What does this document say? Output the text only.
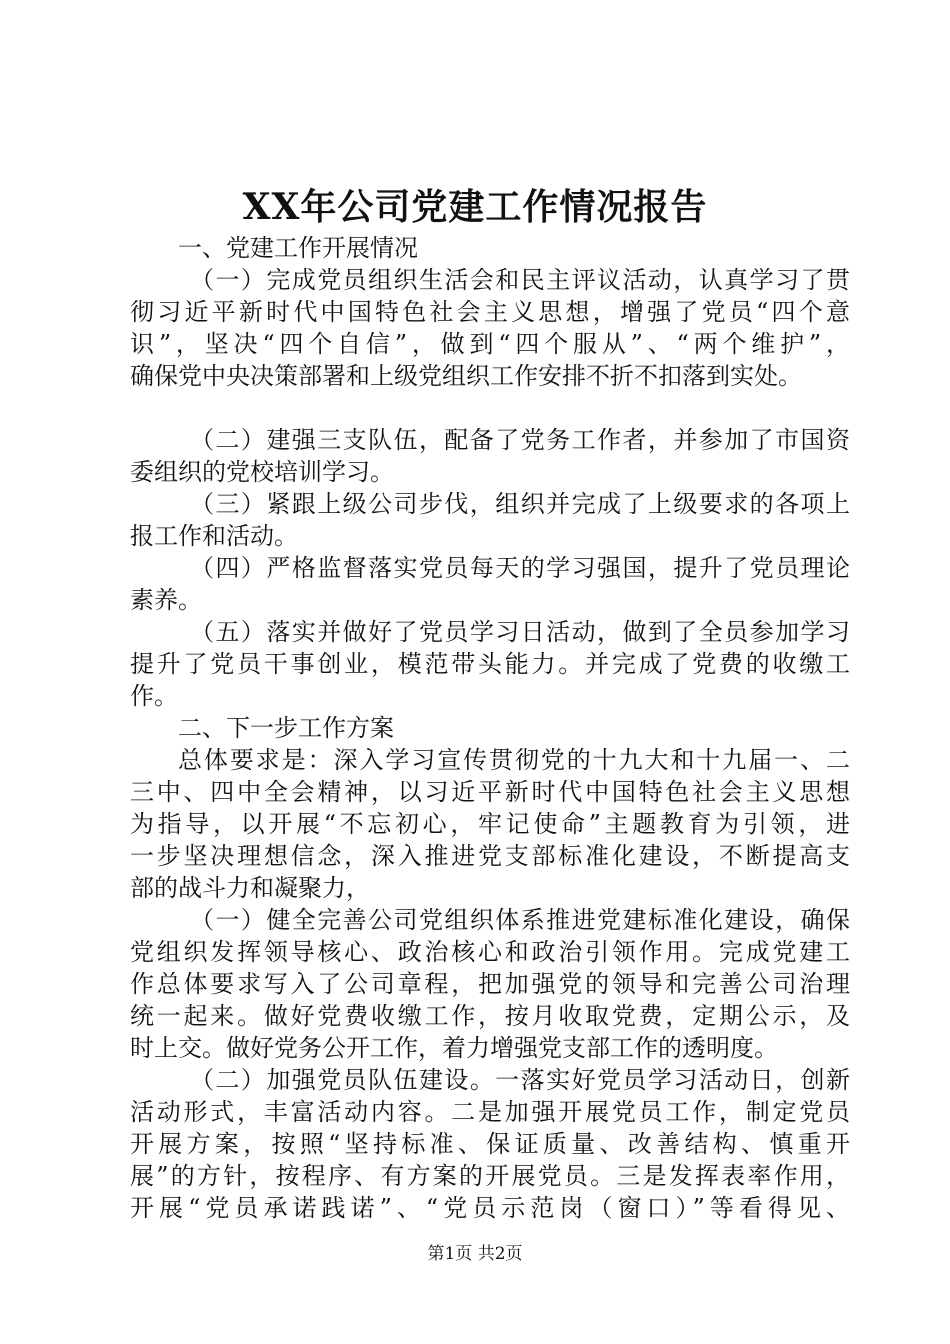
XX年公司党建工作情况报告
一、党建工作开展情况
（一）完成党员组织生活会和民主评议活动，认真学习了贯
彻习近平新时代中国特色社会主义思想，增强了党员“四个意
识”，坚决“四个自信”，做到“四个服从”、“两个维护”，
确保党中央决策部署和上级党组织工作安排不折不扣落到实处。
（二）建强三支队伍，配备了党务工作者，并参加了市国资
委组织的党校培训学习。
（三）紧跟上级公司步伐，组织并完成了上级要求的各项上
报工作和活动。
（四）严格监督落实党员每天的学习强国，提升了党员理论
素养。
（五）落实并做好了党员学习日活动，做到了全员参加学习
提升了党员干事创业，模范带头能力。并完成了党费的收缴工
作。
二、下一步工作方案
总体要求是：深入学习宣传贯彻党的十九大和十九届一、二
三中、四中全会精神，以习近平新时代中国特色社会主义思想
为指导，以开展“不忘初心，牢记使命”主题教育为引领，进
一步坚决理想信念，深入推进党支部标准化建设，不断提高支
部的战斗力和凝聚力，
（一）健全完善公司党组织体系推进党建标准化建设，确保
党组织发挥领导核心、政治核心和政治引领作用。完成党建工
作总体要求写入了公司章程，把加强党的领导和完善公司治理
统一起来。做好党费收缴工作，按月收取党费，定期公示，及
时上交。做好党务公开工作，着力增强党支部工作的透明度。
（二）加强党员队伍建设。一落实好党员学习活动日，创新
活动形式，丰富活动内容。二是加强开展党员工作，制定党员
开展方案，按照“坚持标准、保证质量、改善结构、慎重开
展”的方针，按程序、有方案的开展党员。三是发挥表率作用，
开展“党员承诺践诺”、“党员示范岗（窗口）”等看得见、
第1页 共2页
